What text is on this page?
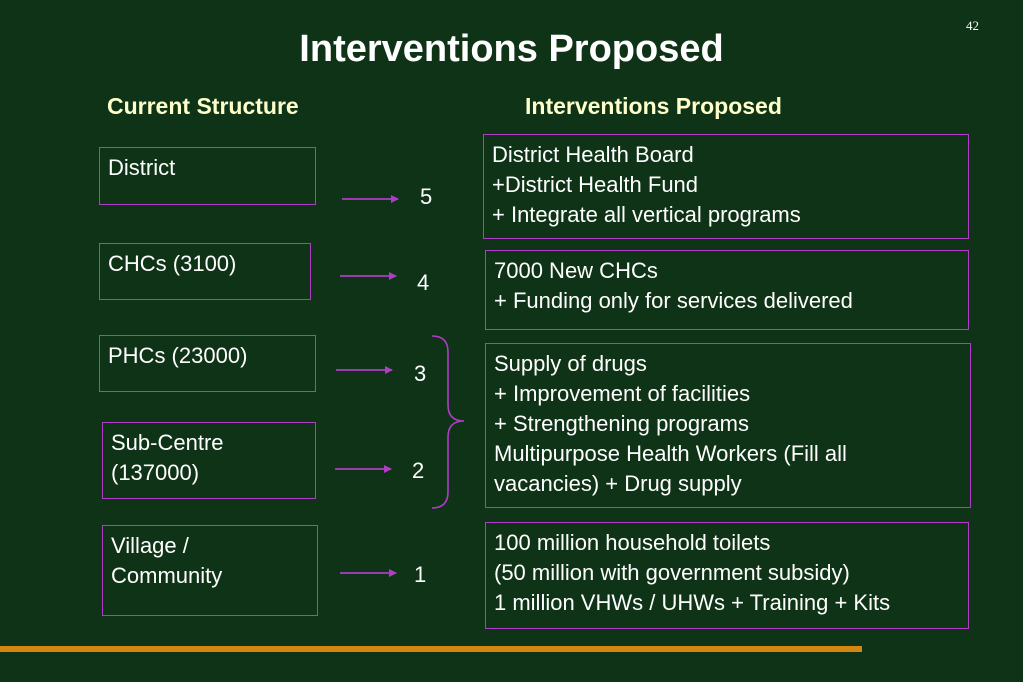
42
Interventions Proposed
Current Structure	Interventions Proposed
District
CHCs (3100)
PHCs (23000)
Sub-Centre
(137000)
Village /
Community
5
4
3
2
1
District Health Board
+District Health Fund
+ Integrate all vertical programs
7000 New CHCs
+ Funding only for services delivered
Supply of drugs
+ Improvement of facilities
+ Strengthening programs
Multipurpose Health Workers (Fill all
vacancies) + Drug supply
100 million household toilets
(50 million with government subsidy)
1 million VHWs / UHWs + Training + Kits
